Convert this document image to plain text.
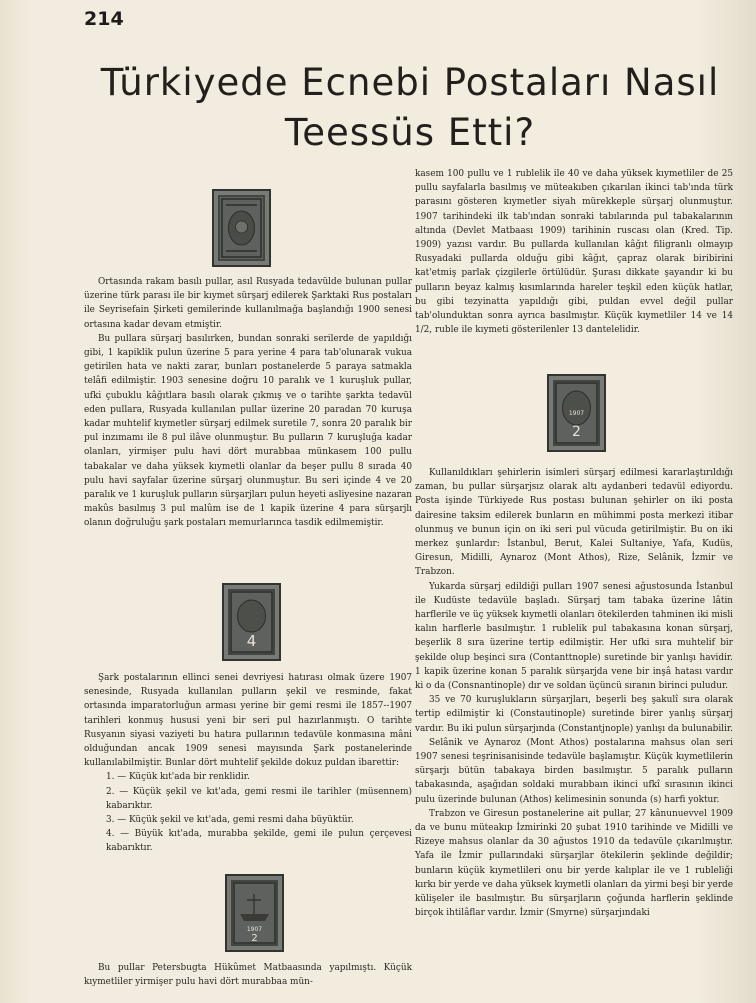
214
Türkiyede Ecnebi Postaları Nasıl
Teessüs Etti?
2
1907
4
1907
2

Ortasında rakam basılı pullar, asıl Rusyada tedavülde bulunan pullar üzerine türk parası ile bir kıymet sürşarj edilerek Şarktaki Rus postaları ile Seyrisefain Şirketi gemilerinde kullanılmağa başlandığı 1900 senesi ortasına kadar devam etmiştir.

Bu pullara sürşarj basılırken, bundan sonraki serilerde de yapıldığı gibi, 1 kapiklik pulun üzerine 5 para yerine 4 para tab'olunarak vukua getirilen hata ve nakti zarar, bunları postanelerde 5 paraya satmakla telâfi edilmiştir. 1903 senesine doğru 10 paralık ve 1 kuruşluk pullar, ufki çubuklu kâğıtlara basılı olarak çıkmış ve o tarihte şarkta tedavül eden pullara, Rusyada kullanılan pullar üzerine 20 paradan 70 kuruşa kadar muhtelif kıymetler sürşarj edilmek suretile 7, sonra 20 paralık bir pul inzımamı ile 8 pul ilâve olunmuştur. Bu pulların 7 kuruşluğa kadar olanları, yirmişer pulu havi dört murabbaa münkasem 100 pullu tabakalar ve daha yüksek kıymetli olanlar da beşer pullu 8 sırada 40 pulu havi sayfalar üzerine sürşarj olunmuştur. Bu seri içinde 4 ve 20 paralık ve 1 kuruşluk pulların sürşarjları pulun heyeti asliyesine nazaran makûs basılmış 3 pul malûm ise de 1 kapik üzerine 4 para sürşarjlı olanın doğruluğu şark postaları memurlarınca tasdik edilmemiştir.

Şark postalarının ellinci senei devriyesi hatırası olmak üzere 1907 senesinde, Rusyada kullanılan pulların şekil ve resminde, fakat ortasında imparatorluğun arması yerine bir gemi resmi ile 1857--1907 tarihleri konmuş hususi yeni bir seri pul hazırlanmıştı. O tarihte Rusyanın siyasi vaziyeti bu hatıra pullarının tedavüle konmasına mâni olduğundan ancak 1909 senesi mayısında Şark postanelerinde kullanılabilmiştir. Bunlar dört muhtelif şekilde dokuz puldan ibarettir:

1. — Küçük kıt'ada bir renklidir.

2. — Küçük şekil ve kıt'ada, gemi resmi ile tarihler (müsennem) kabarıktır.

3. — Küçük şekil ve kıt'ada, gemi resmi daha büyüktür.

4. — Büyük kıt'ada, murabba şekilde, gemi ile pulun çerçevesi kabarıktır.

Bu pullar Petersbugta Hükûmet Matbaasında yapılmıştı. Küçük kıymetliler yirmişer pulu havi dört murabbaa mün-

kasem 100 pullu ve 1 rublelik ile 40 ve daha yüksek kıymetliler de 25 pullu sayfalarla basılmış ve müteakıben çıkarılan ikinci tab'ında türk parasını gösteren kıymetler siyah mürekkeple sürşarj olunmuştur. 1907 tarihindeki ilk tab'ından sonraki tabılarında pul tabakalarının altında (Devlet Matbaası 1909) tarihinin ruscası olan (Kred. Tip. 1909) yazısı vardır. Bu pullarda kullanılan kâğıt filigranlı olmayıp Rusyadaki pullarda olduğu gibi kâğıt, çapraz olarak biribirini kat'etmiş parlak çizgilerle örtülüdür. Şurası dikkate şayandır ki bu pulların beyaz kalmış kısımlarında hareler teşkil eden küçük hatlar, bu gibi tezyinatta yapıldığı gibi, puldan evvel değil pullar tab'olunduktan sonra ayrıca basılmıştır. Küçük kıymetliler 14 ve 14 1/2, ruble ile kıymeti gösterilenler 13 dantelelidir.

Kullanıldıkları şehirlerin isimleri sürşarj edilmesi kararlaştırıldığı zaman, bu pullar sürşarjsız olarak altı aydanberi tedavül ediyordu. Posta işinde Türkiyede Rus postası bulunan şehirler on iki posta dairesine taksim edilerek bunların en mühimmi posta merkezi itibar olunmuş ve bunun için on iki seri pul vücuda getirilmiştir. Bu on iki merkez şunlardır: İstanbul, Berut, Kalei Sultaniye, Yafa, Kudüs, Giresun, Midilli, Aynaroz (Mont Athos), Rize, Selânik, İzmir ve Trabzon.

Yukarda sürşarj edildiği pulları 1907 senesi ağustosunda İstanbul ile Kudüste tedavüle başladı. Sürşarj tam tabaka üzerine lâtin harflerile ve üç yüksek kıymetli olanları ötekilerden tahminen iki misli kalın harflerle basılmıştır. 1 rublelik pul tabakasına konan sürşarj, beşerlik 8 sıra üzerine tertip edilmiştir. Her ufki sıra muhtelif bir şekilde olup beşinci sıra (Contanttnople) suretinde bir yanlışı havidir. 1 kapik üzerine konan 5 paralık sürşarjda vene bir inşâ hatası vardır ki o da (Consnantinople) dır ve soldan üçüncü sıranın birinci puludur.

35 ve 70 kuruşlukların sürşarjları, beşerli beş şakulî sıra olarak tertip edilmiştir ki (Constautinople) suretinde birer yanlış sürşarj vardır. Bu iki pulun sürşarjında (Constantjnople) yanlışı da bulunabilir.

Selânik ve Aynaroz (Mont Athos) postalarına mahsus olan seri 1907 senesi teşrinisanisinde tedavüle başlamıştır. Küçük kıymetlilerin sürşarjı bütün tabakaya birden basılmıştır. 5 paralık pulların tabakasında, aşağıdan soldaki murabbaın ikinci ufkî sırasının ikinci pulu üzerinde bulunan (Athos) kelimesinin sonunda (s) harfi yoktur.

Trabzon ve Giresun postanelerine ait pullar, 27 kânunuevvel 1909 da ve bunu müteakıp İzmirinki 20 şubat 1910 tarihinde ve Midilli ve Rizeye mahsus olanlar da 30 ağustos 1910 da tedavüle çıkarılmıştır. Yafa ile İzmir pullarındaki sürşarjlar ötekilerin şeklinde değildir; bunların küçük kıymetlileri onu bir yerde kalıplar ile ve 1 rubleliği kırkı bir yerde ve daha yüksek kıymetli olanları da yirmi beşi bir yerde külişeler ile basılmıştır. Bu sürşarjların çoğunda harflerin şeklinde birçok ihtilâflar vardır. İzmir (Smyrne) sürşarjındaki
